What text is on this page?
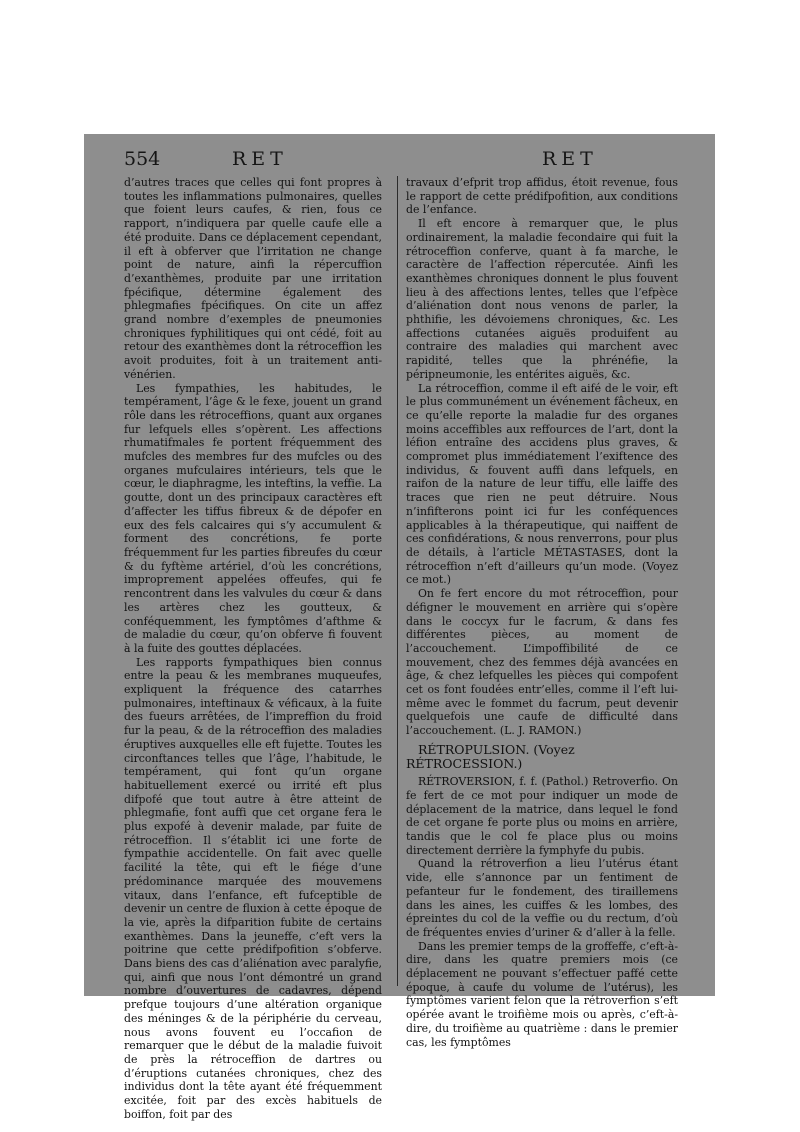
554	RET	RET

d’autres traces que celles qui font propres à toutes les inflammations pulmonaires, quelles que foient leurs caufes, & rien, fous ce rapport, n’indiquera par quelle caufe elle a été produite. Dans ce déplacement cependant, il eft à obferver que l’irritation ne change point de nature, ainfi la répercuffion d’exanthèmes, produite par une irritation fpécifique, détermine également des phlegmafies fpécifiques. On cite un affez grand nombre d’exemples de pneumonies chroniques fyphilitiques qui ont cédé, foit au retour des exanthèmes dont la rétroceffion les avoit produites, foit à un traitement anti-vénérien.

Les fympathies, les habitudes, le tempérament, l’âge & le fexe, jouent un grand rôle dans les rétroceffions, quant aux organes fur lefquels elles s’opèrent. Les affections rhumatifmales fe portent fréquemment des mufcles des membres fur des mufcles ou des organes mufculaires intérieurs, tels que le cœur, le diaphragme, les inteftins, la veffie. La goutte, dont un des principaux caractères eft d’affecter les tiffus fibreux & de dépofer en eux des fels calcaires qui s’y accumulent & forment des concrétions, fe porte fréquemment fur les parties fibreufes du cœur & du fyftème artériel, d’où les concrétions, improprement appelées offeufes, qui fe rencontrent dans les valvules du cœur & dans les artères chez les goutteux, & conféquemment, les fymptômes d’afthme & de maladie du cœur, qu’on obferve fi fouvent à la fuite des gouttes déplacées.

Les rapports fympathiques bien connus entre la peau & les membranes muqueufes, expliquent la fréquence des catarrhes pulmonaires, inteftinaux & véficaux, à la fuite des fueurs arrêtées, de l’impreffion du froid fur la peau, & de la rétroceffion des maladies éruptives auxquelles elle eft fujette. Toutes les circonftances telles que l’âge, l’habitude, le tempérament, qui font qu’un organe habituellement exercé ou irrité eft plus difpofé que tout autre à être atteint de phlegmafie, font auffi que cet organe fera le plus expofé à devenir malade, par fuite de rétroceffion. Il s’établit ici une forte de fympathie accidentelle. On fait avec quelle facilité la tête, qui eft le fiége d’une prédominance marquée des mouvemens vitaux, dans l’enfance, eft fufceptible de devenir un centre de fluxion à cette époque de la vie, après la difparition fubite de certains exanthèmes. Dans la jeuneffe, c’eft vers la poitrine que cette prédifpofition s’obferve. Dans biens des cas d’aliénation avec paralyfie, qui, ainfi que nous l’ont démontré un grand nombre d’ouvertures de cadavres, dépend prefque toujours d’une altération organique des méninges & de la périphérie du cerveau, nous avons fouvent eu l’occafion de remarquer que le début de la maladie fuivoit de près la rétroceffion de dartres ou d’éruptions cutanées chroniques, chez des individus dont la tête ayant été fréquemment excitée, foit par des excès habituels de boiffon, foit par des

travaux d’efprit trop affidus, étoit revenue, fous le rapport de cette prédifpofition, aux conditions de l’enfance.

Il eft encore à remarquer que, le plus ordinairement, la maladie fecondaire qui fuit la rétroceffion conferve, quant à fa marche, le caractère de l’affection répercutée. Ainfi les exanthèmes chroniques donnent le plus fouvent lieu à des affections lentes, telles que l’efpèce d’aliénation dont nous venons de parler, la phthifie, les dévoiemens chroniques, &c. Les affections cutanées aiguës produifent au contraire des maladies qui marchent avec rapidité, telles que la phrénéfie, la péripneumonie, les entérites aiguës, &c.

La rétroceffion, comme il eft aifé de le voir, eft le plus communément un événement fâcheux, en ce qu’elle reporte la maladie fur des organes moins acceffibles aux reffources de l’art, dont la léfion entraîne des accidens plus graves, & compromet plus immédiatement l’exiftence des individus, & fouvent auffi dans lefquels, en raifon de la nature de leur tiffu, elle laiffe des traces que rien ne peut détruire. Nous n’infifterons point ici fur les conféquences applicables à la thérapeutique, qui naiffent de ces confidérations, & nous renverrons, pour plus de détails, à l’article MÉTASTASES, dont la rétroceffion n’eft d’ailleurs qu’un mode. (Voyez ce mot.)

On fe fert encore du mot rétroceffion, pour défigner le mouvement en arrière qui s’opère dans le coccyx fur le facrum, & dans fes différentes pièces, au moment de l’accouchement. L’impoffibilité de ce mouvement, chez des femmes déjà avancées en âge, & chez lefquelles les pièces qui compofent cet os font foudées entr’elles, comme il l’eft lui-même avec le fommet du facrum, peut devenir quelquefois une caufe de difficulté dans l’accouchement. (L. J. RAMON.)

RÉTROPULSION. (Voyez RÉTROCESSION.)

RÉTROVERSION, f. f. (Pathol.) Retroverfio. On fe fert de ce mot pour indiquer un mode de déplacement de la matrice, dans lequel le fond de cet organe fe porte plus ou moins en arrière, tandis que le col fe place plus ou moins directement derrière la fymphyfe du pubis.

Quand la rétroverfion a lieu l’utérus étant vide, elle s’annonce par un fentiment de pefanteur fur le fondement, des tiraillemens dans les aines, les cuiffes & les lombes, des épreintes du col de la veffie ou du rectum, d’où de fréquentes envies d’uriner & d’aller à la felle.

Dans les premier temps de la groffeffe, c’eft-à-dire, dans les quatre premiers mois (ce déplacement ne pouvant s’effectuer paffé cette époque, à caufe du volume de l’utérus), les fymptômes varient felon que la rétroverfion s’eft opérée avant le troifième mois ou après, c’eft-à-dire, du troifième au quatrième : dans le premier cas, les fymptômes
